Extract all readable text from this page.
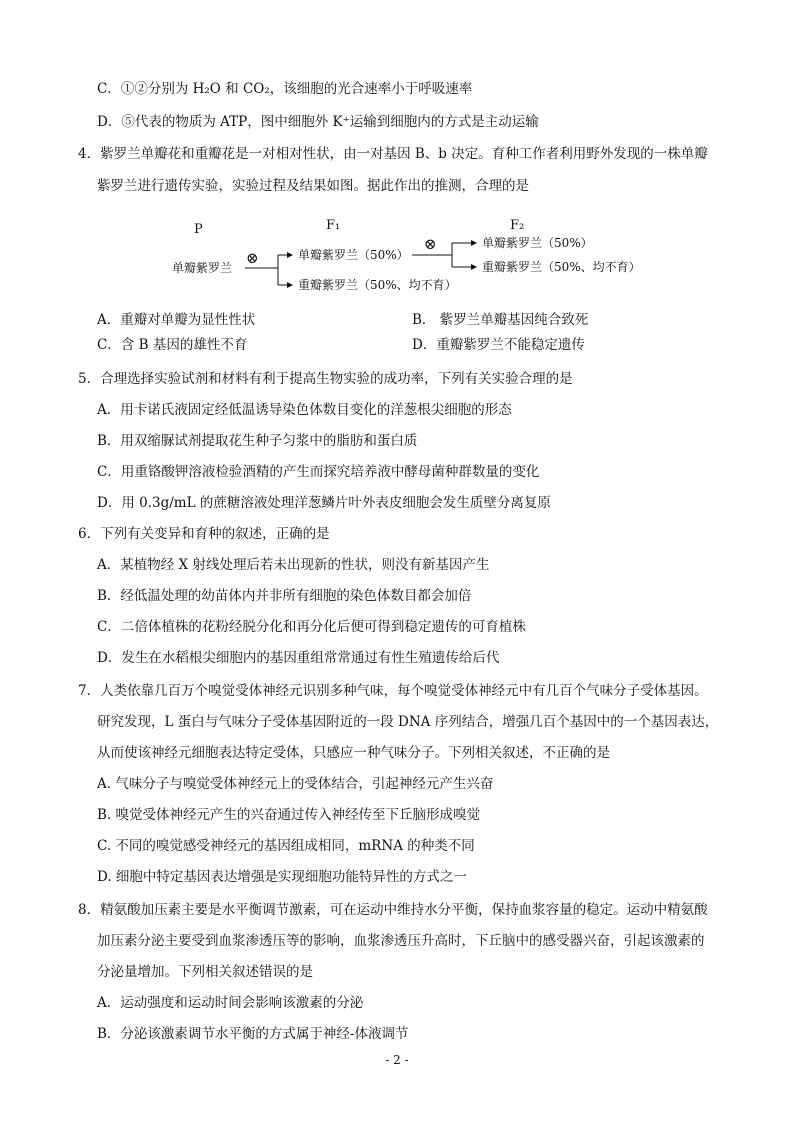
C．①②分别为 H₂O 和 CO₂，该细胞的光合速率小于呼吸速率
D．⑤代表的物质为 ATP，图中细胞外 K⁺运输到细胞内的方式是主动运输
4．紫罗兰单瓣花和重瓣花是一对相对性状，由一对基因 B、b 决定。育种工作者利用野外发现的一株单瓣
紫罗兰进行遗传实验，实验过程及结果如图。据此作出的推测，合理的是
P	F₁	F₂
单瓣紫罗兰
⊗
⊗
单瓣紫罗兰（50%）
重瓣紫罗兰（50%、均不育）
单瓣紫罗兰（50%）
重瓣紫罗兰（50%、均不育）
A．重瓣对单瓣为显性性状	B． 紫罗兰单瓣基因纯合致死
C．含 B 基因的雄性不育	D．重瓣紫罗兰不能稳定遗传
5．合理选择实验试剂和材料有利于提高生物实验的成功率，下列有关实验合理的是
A．用卡诺氏液固定经低温诱导染色体数目变化的洋葱根尖细胞的形态
B．用双缩脲试剂提取花生种子匀浆中的脂肪和蛋白质
C．用重铬酸钾溶液检验酒精的产生而探究培养液中酵母菌种群数量的变化
D．用 0.3g/mL 的蔗糖溶液处理洋葱鳞片叶外表皮细胞会发生质壁分离复原
6．下列有关变异和育种的叙述，正确的是
A．某植物经 X 射线处理后若未出现新的性状，则没有新基因产生
B．经低温处理的幼苗体内并非所有细胞的染色体数目都会加倍
C．二倍体植株的花粉经脱分化和再分化后便可得到稳定遗传的可育植株
D．发生在水稻根尖细胞内的基因重组常常通过有性生殖遗传给后代
7．人类依靠几百万个嗅觉受体神经元识别多种气味，每个嗅觉受体神经元中有几百个气味分子受体基因。
研究发现，L 蛋白与气味分子受体基因附近的一段 DNA 序列结合，增强几百个基因中的一个基因表达，
从而使该神经元细胞表达特定受体，只感应一种气味分子。下列相关叙述，不正确的是
A. 气味分子与嗅觉受体神经元上的受体结合，引起神经元产生兴奋
B. 嗅觉受体神经元产生的兴奋通过传入神经传至下丘脑形成嗅觉
C. 不同的嗅觉感受神经元的基因组成相同，mRNA 的种类不同
D. 细胞中特定基因表达增强是实现细胞功能特异性的方式之一
8．精氨酸加压素主要是水平衡调节激素，可在运动中维持水分平衡，保持血浆容量的稳定。运动中精氨酸
加压素分泌主要受到血浆渗透压等的影响，血浆渗透压升高时，下丘脑中的感受器兴奋，引起该激素的
分泌量增加。下列相关叙述错误的是
A．运动强度和运动时间会影响该激素的分泌
B．分泌该激素调节水平衡的方式属于神经-体液调节
- 2 -
